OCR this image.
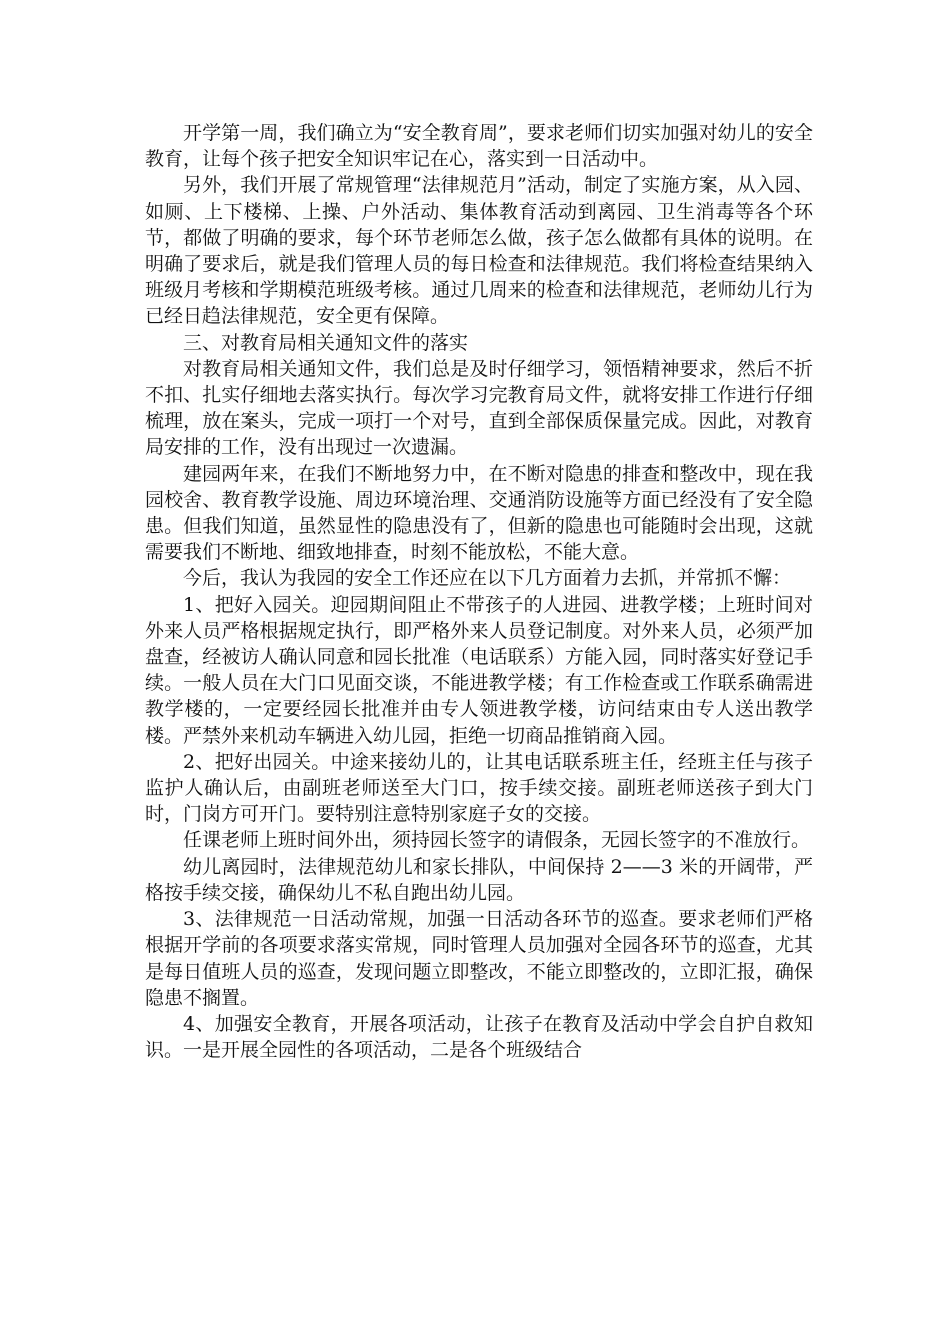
开学第一周，我们确立为“安全教育周”，要求老师们切实加强对幼儿的安全教育，让每个孩子把安全知识牢记在心，落实到一日活动中。

另外，我们开展了常规管理“法律规范月”活动，制定了实施方案，从入园、如厕、上下楼梯、上操、户外活动、集体教育活动到离园、卫生消毒等各个环节，都做了明确的要求，每个环节老师怎么做，孩子怎么做都有具体的说明。在明确了要求后，就是我们管理人员的每日检查和法律规范。我们将检查结果纳入班级月考核和学期模范班级考核。通过几周来的检查和法律规范，老师幼儿行为已经日趋法律规范，安全更有保障。

三、对教育局相关通知文件的落实

对教育局相关通知文件，我们总是及时仔细学习，领悟精神要求，然后不折不扣、扎实仔细地去落实执行。每次学习完教育局文件，就将安排工作进行仔细梳理，放在案头，完成一项打一个对号，直到全部保质保量完成。因此，对教育局安排的工作，没有出现过一次遗漏。

建园两年来，在我们不断地努力中，在不断对隐患的排查和整改中，现在我园校舍、教育教学设施、周边环境治理、交通消防设施等方面已经没有了安全隐患。但我们知道，虽然显性的隐患没有了，但新的隐患也可能随时会出现，这就需要我们不断地、细致地排查，时刻不能放松，不能大意。

今后，我认为我园的安全工作还应在以下几方面着力去抓，并常抓不懈：

1、把好入园关。迎园期间阻止不带孩子的人进园、进教学楼；上班时间对外来人员严格根据规定执行，即严格外来人员登记制度。对外来人员，必须严加盘查，经被访人确认同意和园长批准（电话联系）方能入园，同时落实好登记手续。一般人员在大门口见面交谈，不能进教学楼；有工作检查或工作联系确需进教学楼的，一定要经园长批准并由专人领进教学楼，访问结束由专人送出教学楼。严禁外来机动车辆进入幼儿园，拒绝一切商品推销商入园。

2、把好出园关。中途来接幼儿的，让其电话联系班主任，经班主任与孩子监护人确认后，由副班老师送至大门口，按手续交接。副班老师送孩子到大门时，门岗方可开门。要特别注意特别家庭子女的交接。

任课老师上班时间外出，须持园长签字的请假条，无园长签字的不准放行。

幼儿离园时，法律规范幼儿和家长排队，中间保持 2——3 米的开阔带，严格按手续交接，确保幼儿不私自跑出幼儿园。

3、法律规范一日活动常规，加强一日活动各环节的巡查。要求老师们严格根据开学前的各项要求落实常规，同时管理人员加强对全园各环节的巡查，尤其是每日值班人员的巡查，发现问题立即整改，不能立即整改的，立即汇报，确保隐患不搁置。

4、加强安全教育，开展各项活动，让孩子在教育及活动中学会自护自救知识。一是开展全园性的各项活动，二是各个班级结合
